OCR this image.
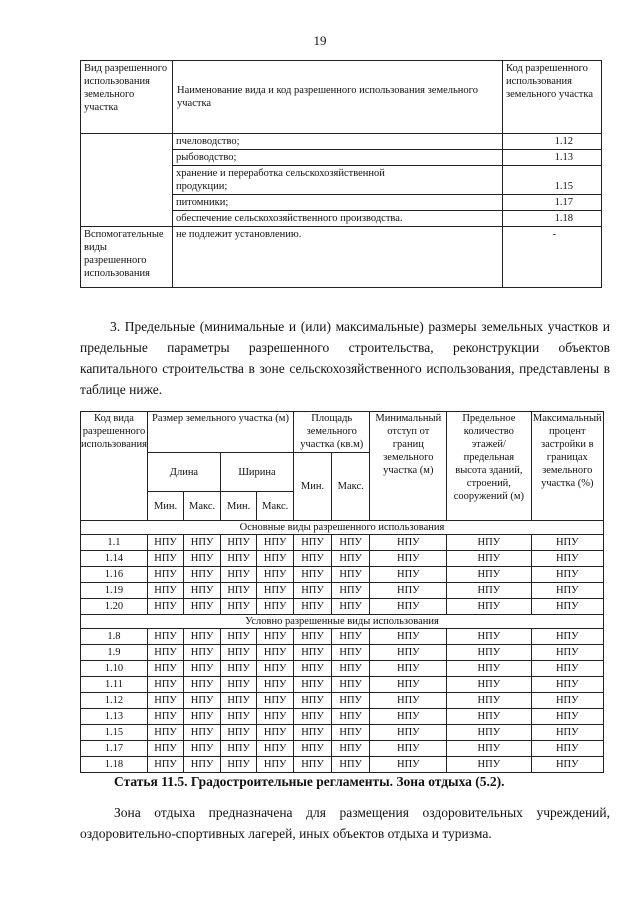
19
Вид разрешенного использования земельного участка	Наименование вида и код разрешенного использования земельного участка	Код разрешенного использования земельного участка
	пчеловодство;	1.12
	рыбоводство;	1.13
	хранение и переработка сельскохозяйственной продукции;	1.15
	питомники;	1.17
	обеспечение сельскохозяйственного производства.	1.18
Вспомогательные виды разрешенного использования	не подлежит установлению.	-
3. Предельные (минимальные и (или) максимальные) размеры земельных участков и предельные параметры разрешенного строительства, реконструкции объектов капитального строительства в зоне сельскохозяйственного использования, представлены в таблице ниже.
Код вида разрешенного использования	Размер земельного участка (м)				Площадь земельного участка (кв.м)		Минимальный отступ от границ земельного участка (м)	Предельное количество этажей/ предельная высота зданий, строений, сооружений (м)	Максимальный процент застройки в границах земельного участка (%)
	Длина		Ширина		Мин.	Макс.			
	Мин.	Макс.	Мин.	Макс.					
Основные виды разрешенного использования									
1.1	НПУ	НПУ	НПУ	НПУ	НПУ	НПУ	НПУ	НПУ	НПУ
1.14	НПУ	НПУ	НПУ	НПУ	НПУ	НПУ	НПУ	НПУ	НПУ
1.16	НПУ	НПУ	НПУ	НПУ	НПУ	НПУ	НПУ	НПУ	НПУ
1.19	НПУ	НПУ	НПУ	НПУ	НПУ	НПУ	НПУ	НПУ	НПУ
1.20	НПУ	НПУ	НПУ	НПУ	НПУ	НПУ	НПУ	НПУ	НПУ
Условно разрешенные виды использования									
1.8	НПУ	НПУ	НПУ	НПУ	НПУ	НПУ	НПУ	НПУ	НПУ
1.9	НПУ	НПУ	НПУ	НПУ	НПУ	НПУ	НПУ	НПУ	НПУ
1.10	НПУ	НПУ	НПУ	НПУ	НПУ	НПУ	НПУ	НПУ	НПУ
1.11	НПУ	НПУ	НПУ	НПУ	НПУ	НПУ	НПУ	НПУ	НПУ
1.12	НПУ	НПУ	НПУ	НПУ	НПУ	НПУ	НПУ	НПУ	НПУ
1.13	НПУ	НПУ	НПУ	НПУ	НПУ	НПУ	НПУ	НПУ	НПУ
1.15	НПУ	НПУ	НПУ	НПУ	НПУ	НПУ	НПУ	НПУ	НПУ
1.17	НПУ	НПУ	НПУ	НПУ	НПУ	НПУ	НПУ	НПУ	НПУ
1.18	НПУ	НПУ	НПУ	НПУ	НПУ	НПУ	НПУ	НПУ	НПУ
Статья 11.5. Градостроительные регламенты. Зона отдыха (5.2).
Зона отдыха предназначена для размещения оздоровительных учреждений, оздоровительно-спортивных лагерей, иных объектов отдыха и туризма.
